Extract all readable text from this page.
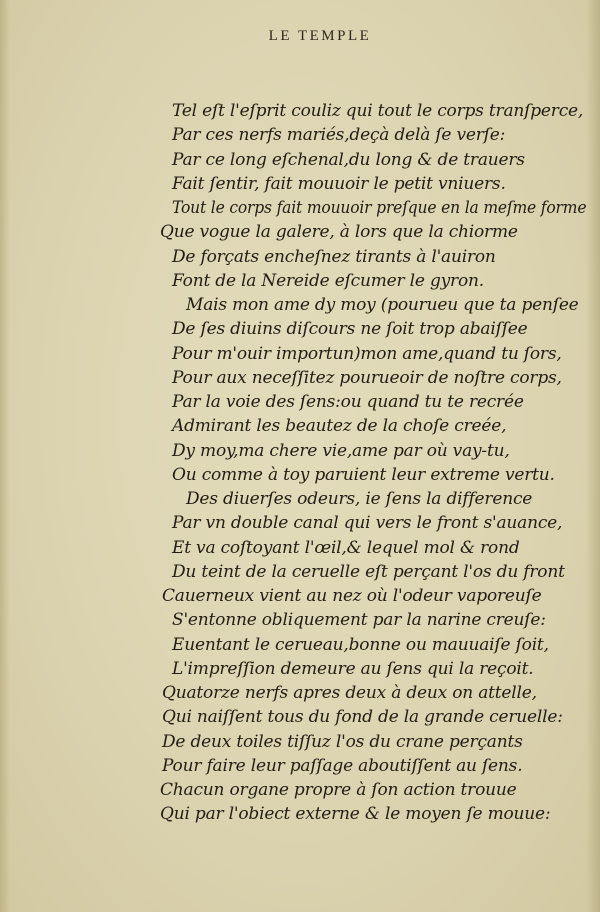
LE TEMPLE
Tel eſt l'eſprit couliz qui tout le corps tranſperce,
Par ces nerfs mariés,deçà delà ſe verſe:
Par ce long eſchenal,du long & de trauers
Fait ſentir, fait mouuoir le petit vniuers.
Tout le corps fait mouuoir preſque en la meſme forme
Que vogue la galere, à lors que la chiorme
De forçats encheſnez tirants à l'auiron
Font de la Nereide eſcumer le gyron.
Mais mon ame dy moy (pourueu que ta penſee
De ſes diuins diſcours ne ſoit trop abaiſſee
Pour m'ouir importun)mon ame,quand tu ſors,
Pour aux neceſſitez pourueoir de noſtre corps,
Par la voie des ſens:ou quand tu te recrée
Admirant les beautez de la choſe creée,
Dy moy,ma chere vie,ame par où vay-tu,
Ou comme à toy paruient leur extreme vertu.
Des diuerſes odeurs, ie ſens la difference
Par vn double canal qui vers le front s'auance,
Et va coſtoyant l'œil,& lequel mol & rond
Du teint de la ceruelle eſt perçant l'os du front
Cauerneux vient au nez où l'odeur vaporeuſe
S'entonne obliquement par la narine creuſe:
Euentant le cerueau,bonne ou mauuaiſe ſoit,
L'impreſſion demeure au ſens qui la reçoit.
Quatorze nerfs apres deux à deux on attelle,
Qui naiſſent tous du fond de la grande ceruelle:
De deux toiles tiſſuz l'os du crane perçants
Pour faire leur paſſage aboutiſſent au ſens.
Chacun organe propre à ſon action trouue
Qui par l'obiect externe & le moyen ſe mouue:
